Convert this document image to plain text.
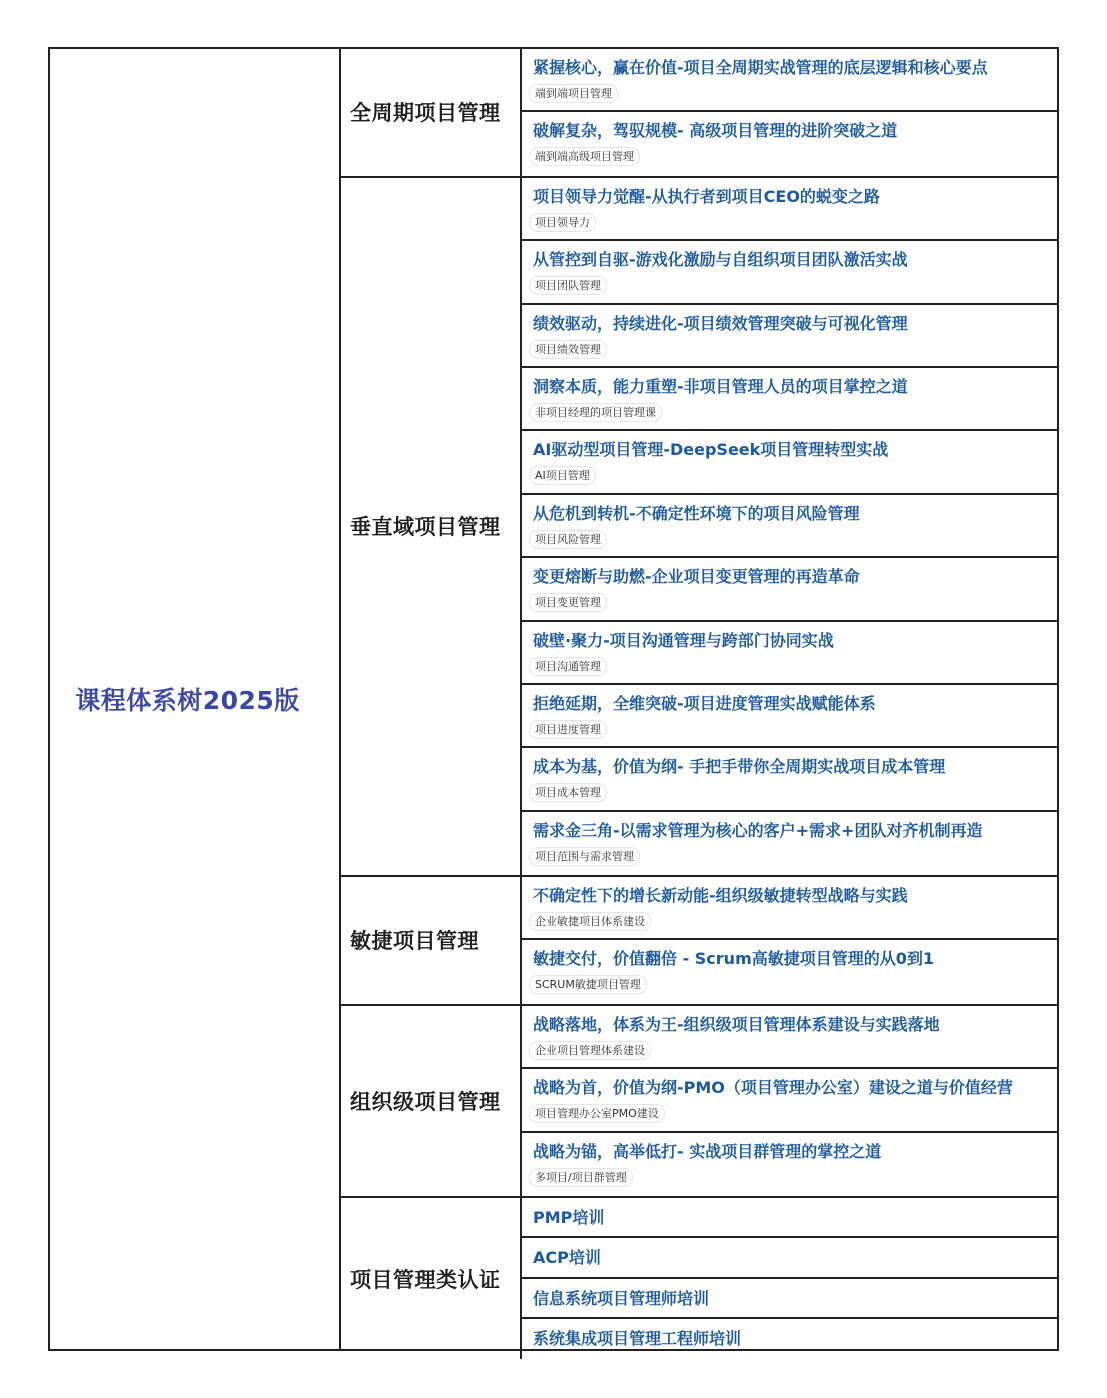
课程体系树2025版
全周期项目管理
紧握核心，赢在价值-项目全周期实战管理的底层逻辑和核心要点
端到端项目管理
破解复杂，驾驭规模- 高级项目管理的进阶突破之道
端到端高级项目管理
垂直域项目管理
项目领导力觉醒-从执行者到项目CEO的蜕变之路
项目领导力
从管控到自驱-游戏化激励与自组织项目团队激活实战
项目团队管理
绩效驱动，持续进化-项目绩效管理突破与可视化管理
项目绩效管理
洞察本质，能力重塑-非项目管理人员的项目掌控之道
非项目经理的项目管理课
AI驱动型项目管理-DeepSeek项目管理转型实战
AI项目管理
从危机到转机-不确定性环境下的项目风险管理
项目风险管理
变更熔断与助燃-企业项目变更管理的再造革命
项目变更管理
破壁·聚力-项目沟通管理与跨部门协同实战
项目沟通管理
拒绝延期，全维突破-项目进度管理实战赋能体系
项目进度管理
成本为基，价值为纲- 手把手带你全周期实战项目成本管理
项目成本管理
需求金三角-以需求管理为核心的客户+需求+团队对齐机制再造
项目范围与需求管理
敏捷项目管理
不确定性下的增长新动能-组织级敏捷转型战略与实践
企业敏捷项目体系建设
敏捷交付，价值翻倍 - Scrum高敏捷项目管理的从0到1
SCRUM敏捷项目管理
组织级项目管理
战略落地，体系为王-组织级项目管理体系建设与实践落地
企业项目管理体系建设
战略为首，价值为纲-PMO（项目管理办公室）建设之道与价值经营
项目管理办公室PMO建设
战略为锚，高举低打- 实战项目群管理的掌控之道
多项目/项目群管理
项目管理类认证
PMP培训
ACP培训
信息系统项目管理师培训
系统集成项目管理工程师培训
